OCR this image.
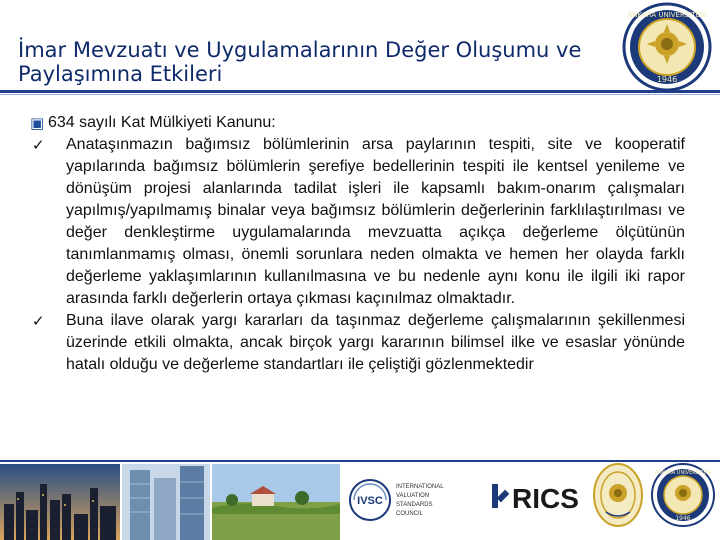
İmar Mevzuatı ve Uygulamalarının Değer Oluşumu ve Paylaşımına Etkileri
ANKARA ÜNİVERSİTESİ
1946
▣ 634 sayılı Kat Mülkiyeti Kanunu:
✓	Anataşınmazın bağımsız bölümlerinin arsa paylarının tespiti, site ve kooperatif yapılarında bağımsız bölümlerin şerefiye bedellerinin tespiti ile kentsel yenileme ve dönüşüm projesi alanlarında tadilat işleri ile kapsamlı bakım-onarım çalışmaları yapılmış/yapılmamış binalar veya bağımsız bölümlerin değerlerinin farklılaştırılması ve değer denkleştirme uygulamalarında mevzuatta açıkça değerleme ölçütünün tanımlanmamış olması, önemli sorunlara neden olmakta ve hemen her olayda farklı değerleme yaklaşımlarının kullanılmasına ve bu nedenle aynı konu ile ilgili iki rapor arasında farklı değerlerin ortaya çıkması kaçınılmaz olmaktadır.
✓	Buna ilave olarak yargı kararları da taşınmaz değerleme çalışmalarının şekillenmesi üzerinde etkili olmakta, ancak birçok yargı kararının bilimsel ilke ve esaslar yönünde hatalı olduğu ve değerleme standartları ile çeliştiği gözlenmektedir
IVSC
INTERNATIONAL
VALUATION
STANDARDS
COUNCIL	RICS
ANKARA ÜNİVERSİTESİ
1946
